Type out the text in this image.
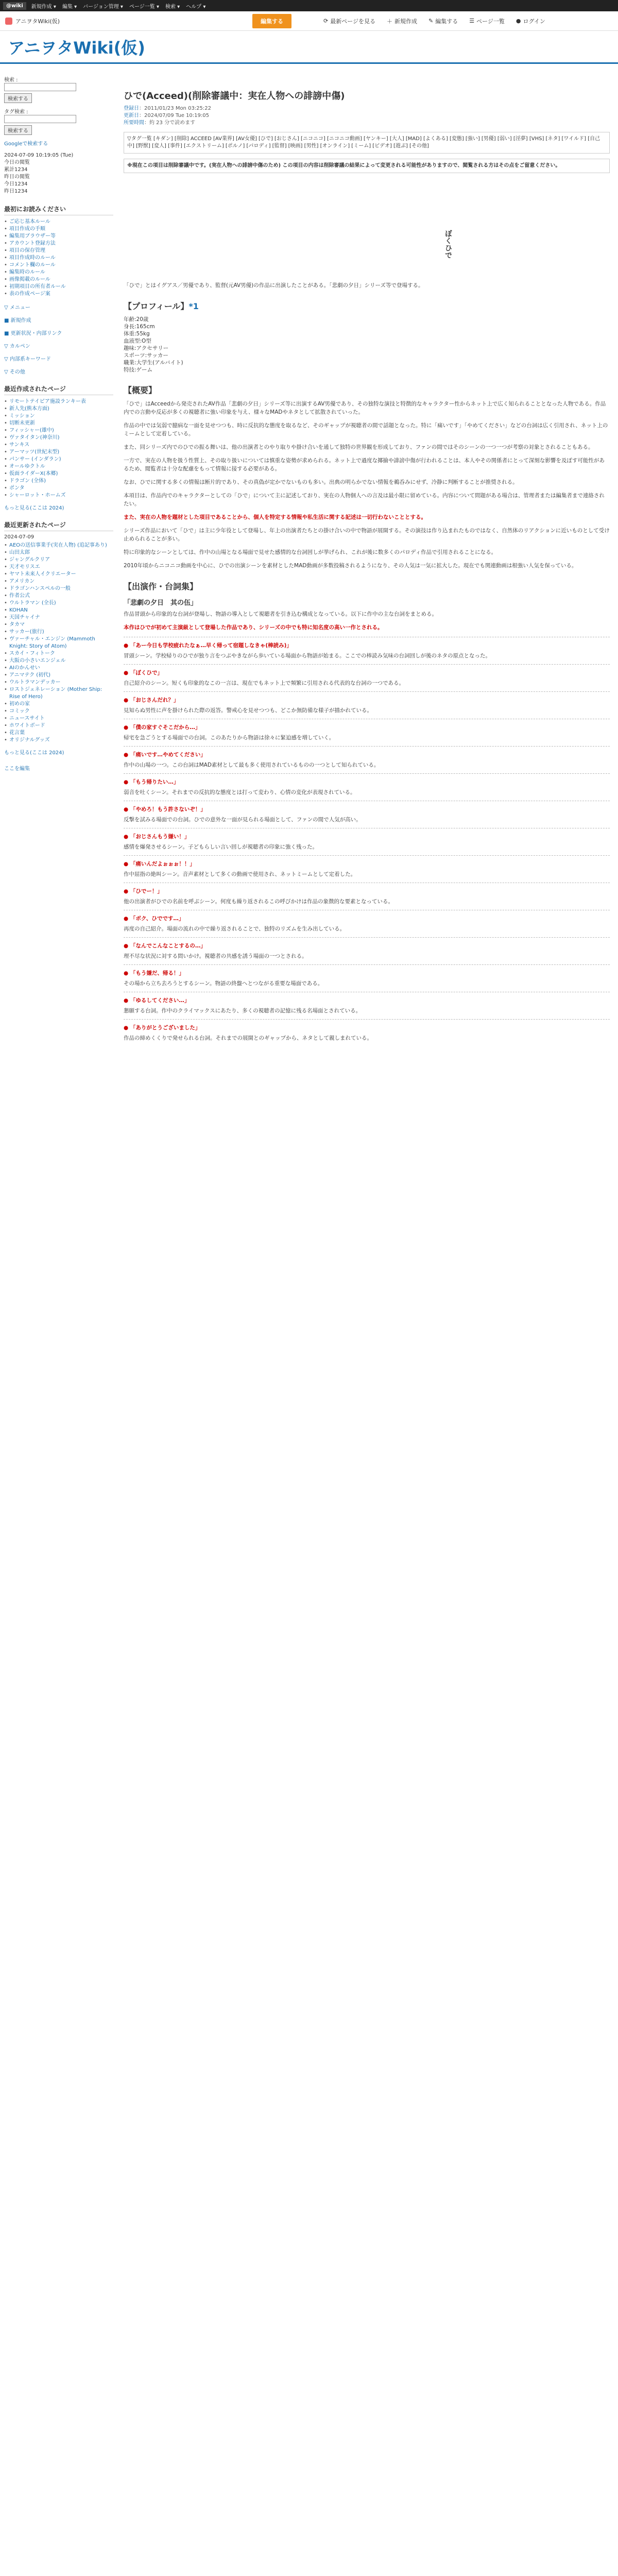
@wiki	新規作成 ▾ 編集 ▾ バージョン管理 ▾ ページ一覧 ▾ 検索 ▾ ヘルプ ▾
アニヲタWiki(仮)	編集する	⟳ 最新ページを見る ＋ 新規作成 ✎ 編集する ☰ ページ一覧 ● ログイン
アニヲタWiki(仮)
検索 :
検索する
タグ検索 :
検索する
Googleで検索する
2024-07-09 10:19:05 (Tue)
今日の閲覧
累計1234
昨日の閲覧
今日1234
昨日1234
最初にお読みください
• ご応じ基本ルール
• 項目作成の手順
• 編集用ブラウザー等
• アカウント登録方法
• 項目の保存管理
• 項目作成時のルール
• コメント欄のルール
• 編集時のルール
• 画像掲載のルール
• 初期項目の所有者ルール
• 表の作成ページ案
▽ メニュー
■ 新規作成
■ 更新状況・内部リンク
▽ カルペン
▽ 内部系キーワード
▽ その他
最近作成されたページ
• リモートテイピア施設ランキー表
• 新人先(熊本方面)
• ミッション
• 切断未更新
• フィッシャー(雄中)
• ヴァタイタン(神奈川)
• サンキス
• アーマッツ(世紀末型)
• パンサー (インダラン)
• オールゆクトル
• 仮面ライダーX(本郷)
• ドラゴン (全体)
• ポンタ
• シャーロット・ホームズ
もっと見る(ここは 2024)
最近更新されたページ
2024-07-09
• AEOの送信事業手(実在人物) (追記事あり)
• 山田太郎
• ジャングルクリア
• 天才モリスエ
• ヤマト未来人イクリエーター
• アメリカン
• ドラゴンハンスペルの一般
• 作者公式
• ウルトラマン (全長)
• KOHAN
• 天国チャイナ
• タカマ
• サッカー(旅行)
• ヴァーチャル・エンジン (Mammoth Knight: Story of Atom)
• スカイ・フィトーク
• 大阪の小さいエンジェル
• AIのかんせい
• アニマテク (初代)
• ウルトラマンデッカー
• ロストジェネレーション (Mother Ship: Rise of Hero)
• 初めの家
• コミック
• ニュースサイト
• ホワイトボード
• 花言葉
• オリジナルグッズ
もっと見る(ここは 2024)
ここを編集
ひで(Acceed)(削除審議中：実在人物への誹謗中傷)
登録日：2011/01/23 Mon 03:25:22
更新日：2024/07/09 Tue 10:19:05
所要時間：約 23 分で読めます
▽タグ一覧 [キダン] [削除] ACCEED [AV業界] [AV女優] [ひで] [おじさん] [ニコニコ] [ニコニコ動画] [ヤンキー] [大人] [MAD] [よくある] [変態] [強い] [男優] [弱い] [淫夢] [VHS] [ネタ] [ワイルド] [自己中] [野獣] [変人] [事件] [エクストリーム] [ポルノ] [パロディ] [監督] [映画] [男性] [オンライン] [ミーム] [ビデオ] [遊ぶ] [その他]
※現在この項目は削除審議中です。(実在人物への誹謗中傷のため) この項目の内容は削除審議の結果によって変更される可能性がありますので、閲覧される方はその点をご留意ください。
ぼくひで
「ひで」とはイグアス／男優であり、監督(元AV男優)の作品に出演したことがある。「悲劇の夕日」シリーズ等で登場する。
【プロフィール】*1
年齢:20歳
身長:165cm
体重:55kg
血液型:O型
趣味:アクセサリー
スポーツ:サッカー
職業:大学生(アルバイト)
特技:ゲーム
【概要】
「ひで」はAcceedから発売されたAV作品「悲劇の夕日」シリーズ等に出演するAV男優であり、その独特な演技と特徴的なキャラクター性からネット上で広く知られることとなった人物である。作品内での言動や反応が多くの視聴者に強い印象を与え、様々なMADやネタとして拡散されていった。
作品の中では気弱で臆病な一面を見せつつも、時に反抗的な態度を取るなど、そのギャップが視聴者の間で話題となった。特に「痛いです」「やめてください」などの台詞は広く引用され、ネット上のミームとして定着している。
また、同シリーズ内でのひでの振る舞いは、他の出演者とのやり取りや掛け合いを通して独特の世界観を形成しており、ファンの間ではそのシーンの一つ一つが考察の対象とされることもある。
一方で、実在の人物を扱う性質上、その取り扱いについては慎重な姿勢が求められる。ネット上で過度な揶揄や誹謗中傷が行われることは、本人やその関係者にとって深刻な影響を及ぼす可能性があるため、閲覧者は十分な配慮をもって情報に接する必要がある。
なお、ひでに関する多くの情報は断片的であり、その真偽が定かでないものも多い。出典の明らかでない情報を鵜呑みにせず、冷静に判断することが推奨される。
本項目は、作品内でのキャラクターとしての「ひで」について主に記述しており、実在の人物個人への言及は最小限に留めている。内容について問題がある場合は、管理者または編集者まで連絡されたい。
また、実在の人物を題材とした項目であることから、個人を特定する情報や私生活に関する記述は一切行わないこととする。
シリーズ作品において「ひで」は主に少年役として登場し、年上の出演者たちとの掛け合いの中で物語が展開する。その演技は作り込まれたものではなく、自然体のリアクションに近いものとして受け止められることが多い。
特に印象的なシーンとしては、作中の山場となる場面で見せた感情的な台詞回しが挙げられ、これが後に数多くのパロディ作品で引用されることになる。
2010年頃からニコニコ動画を中心に、ひでの出演シーンを素材としたMAD動画が多数投稿されるようになり、その人気は一気に拡大した。現在でも関連動画は根強い人気を保っている。
【出演作・台詞集】
「悲劇の夕日　其の伍」
作品冒頭から印象的な台詞が登場し、物語の導入として視聴者を引き込む構成となっている。以下に作中の主な台詞をまとめる。
本作はひでが初めて主演級として登場した作品であり、シリーズの中でも特に知名度の高い一作とされる。
● 「あー今日も学校疲れたなぁ…早く帰って宿題しなきゃ(棒読み)」
冒頭シーン。学校帰りのひでが独り言をつぶやきながら歩いている場面から物語が始まる。ここでの棒読み気味の台詞回しが後のネタの原点となった。
● 「ぼくひで」
自己紹介のシーン。短くも印象的なこの一言は、現在でもネット上で頻繁に引用される代表的な台詞の一つである。
● 「おじさんだれ？」
見知らぬ男性に声を掛けられた際の返答。警戒心を見せつつも、どこか無防備な様子が描かれている。
● 「僕の家すぐそこだから…」
帰宅を急ごうとする場面での台詞。このあたりから物語は徐々に緊迫感を増していく。
● 「痛いです…やめてください」
作中の山場の一つ。この台詞はMAD素材として最も多く使用されているものの一つとして知られている。
● 「もう帰りたい…」
弱音を吐くシーン。それまでの反抗的な態度とは打って変わり、心情の変化が表現されている。
● 「やめろ！もう許さないぞ！」
反撃を試みる場面での台詞。ひでの意外な一面が見られる場面として、ファンの間で人気が高い。
● 「おじさんもう嫌い！」
感情を爆発させるシーン。子どもらしい言い回しが視聴者の印象に強く残った。
● 「痛いんだよぉぉぉ！！」
作中屈指の絶叫シーン。音声素材として多くの動画で使用され、ネットミームとして定着した。
● 「ひでー！」
他の出演者がひでの名前を呼ぶシーン。何度も繰り返されるこの呼びかけは作品の象徴的な要素となっている。
● 「ボク、ひでです…」
再度の自己紹介。場面の流れの中で繰り返されることで、独特のリズムを生み出している。
● 「なんでこんなことするの…」
理不尽な状況に対する問いかけ。視聴者の共感を誘う場面の一つとされる。
● 「もう嫌だ、帰る！」
その場から立ち去ろうとするシーン。物語の終盤へとつながる重要な場面である。
● 「ゆるしてください…」
懇願する台詞。作中のクライマックスにあたり、多くの視聴者の記憶に残る名場面とされている。
● 「ありがとうございました」
作品の締めくくりで発せられる台詞。それまでの展開とのギャップから、ネタとして親しまれている。
